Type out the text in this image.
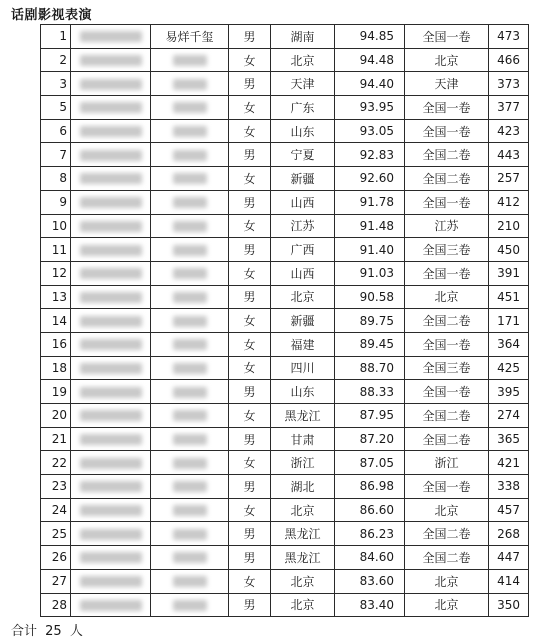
话剧影视表演
1		易烊千玺	男	湖南	94.85	全国一卷	473
2			女	北京	94.48	北京	466
3			男	天津	94.40	天津	373
5			女	广东	93.95	全国一卷	377
6			女	山东	93.05	全国一卷	423
7			男	宁夏	92.83	全国二卷	443
8			女	新疆	92.60	全国二卷	257
9			男	山西	91.78	全国一卷	412
10			女	江苏	91.48	江苏	210
11			男	广西	91.40	全国三卷	450
12			女	山西	91.03	全国一卷	391
13			男	北京	90.58	北京	451
14			女	新疆	89.75	全国二卷	171
16			女	福建	89.45	全国一卷	364
18			女	四川	88.70	全国三卷	425
19			男	山东	88.33	全国一卷	395
20			女	黑龙江	87.95	全国二卷	274
21			男	甘肃	87.20	全国二卷	365
22			女	浙江	87.05	浙江	421
23			男	湖北	86.98	全国一卷	338
24			女	北京	86.60	北京	457
25			男	黑龙江	86.23	全国二卷	268
26			男	黑龙江	84.60	全国二卷	447
27			女	北京	83.60	北京	414
28			男	北京	83.40	北京	350
合计 25 人
